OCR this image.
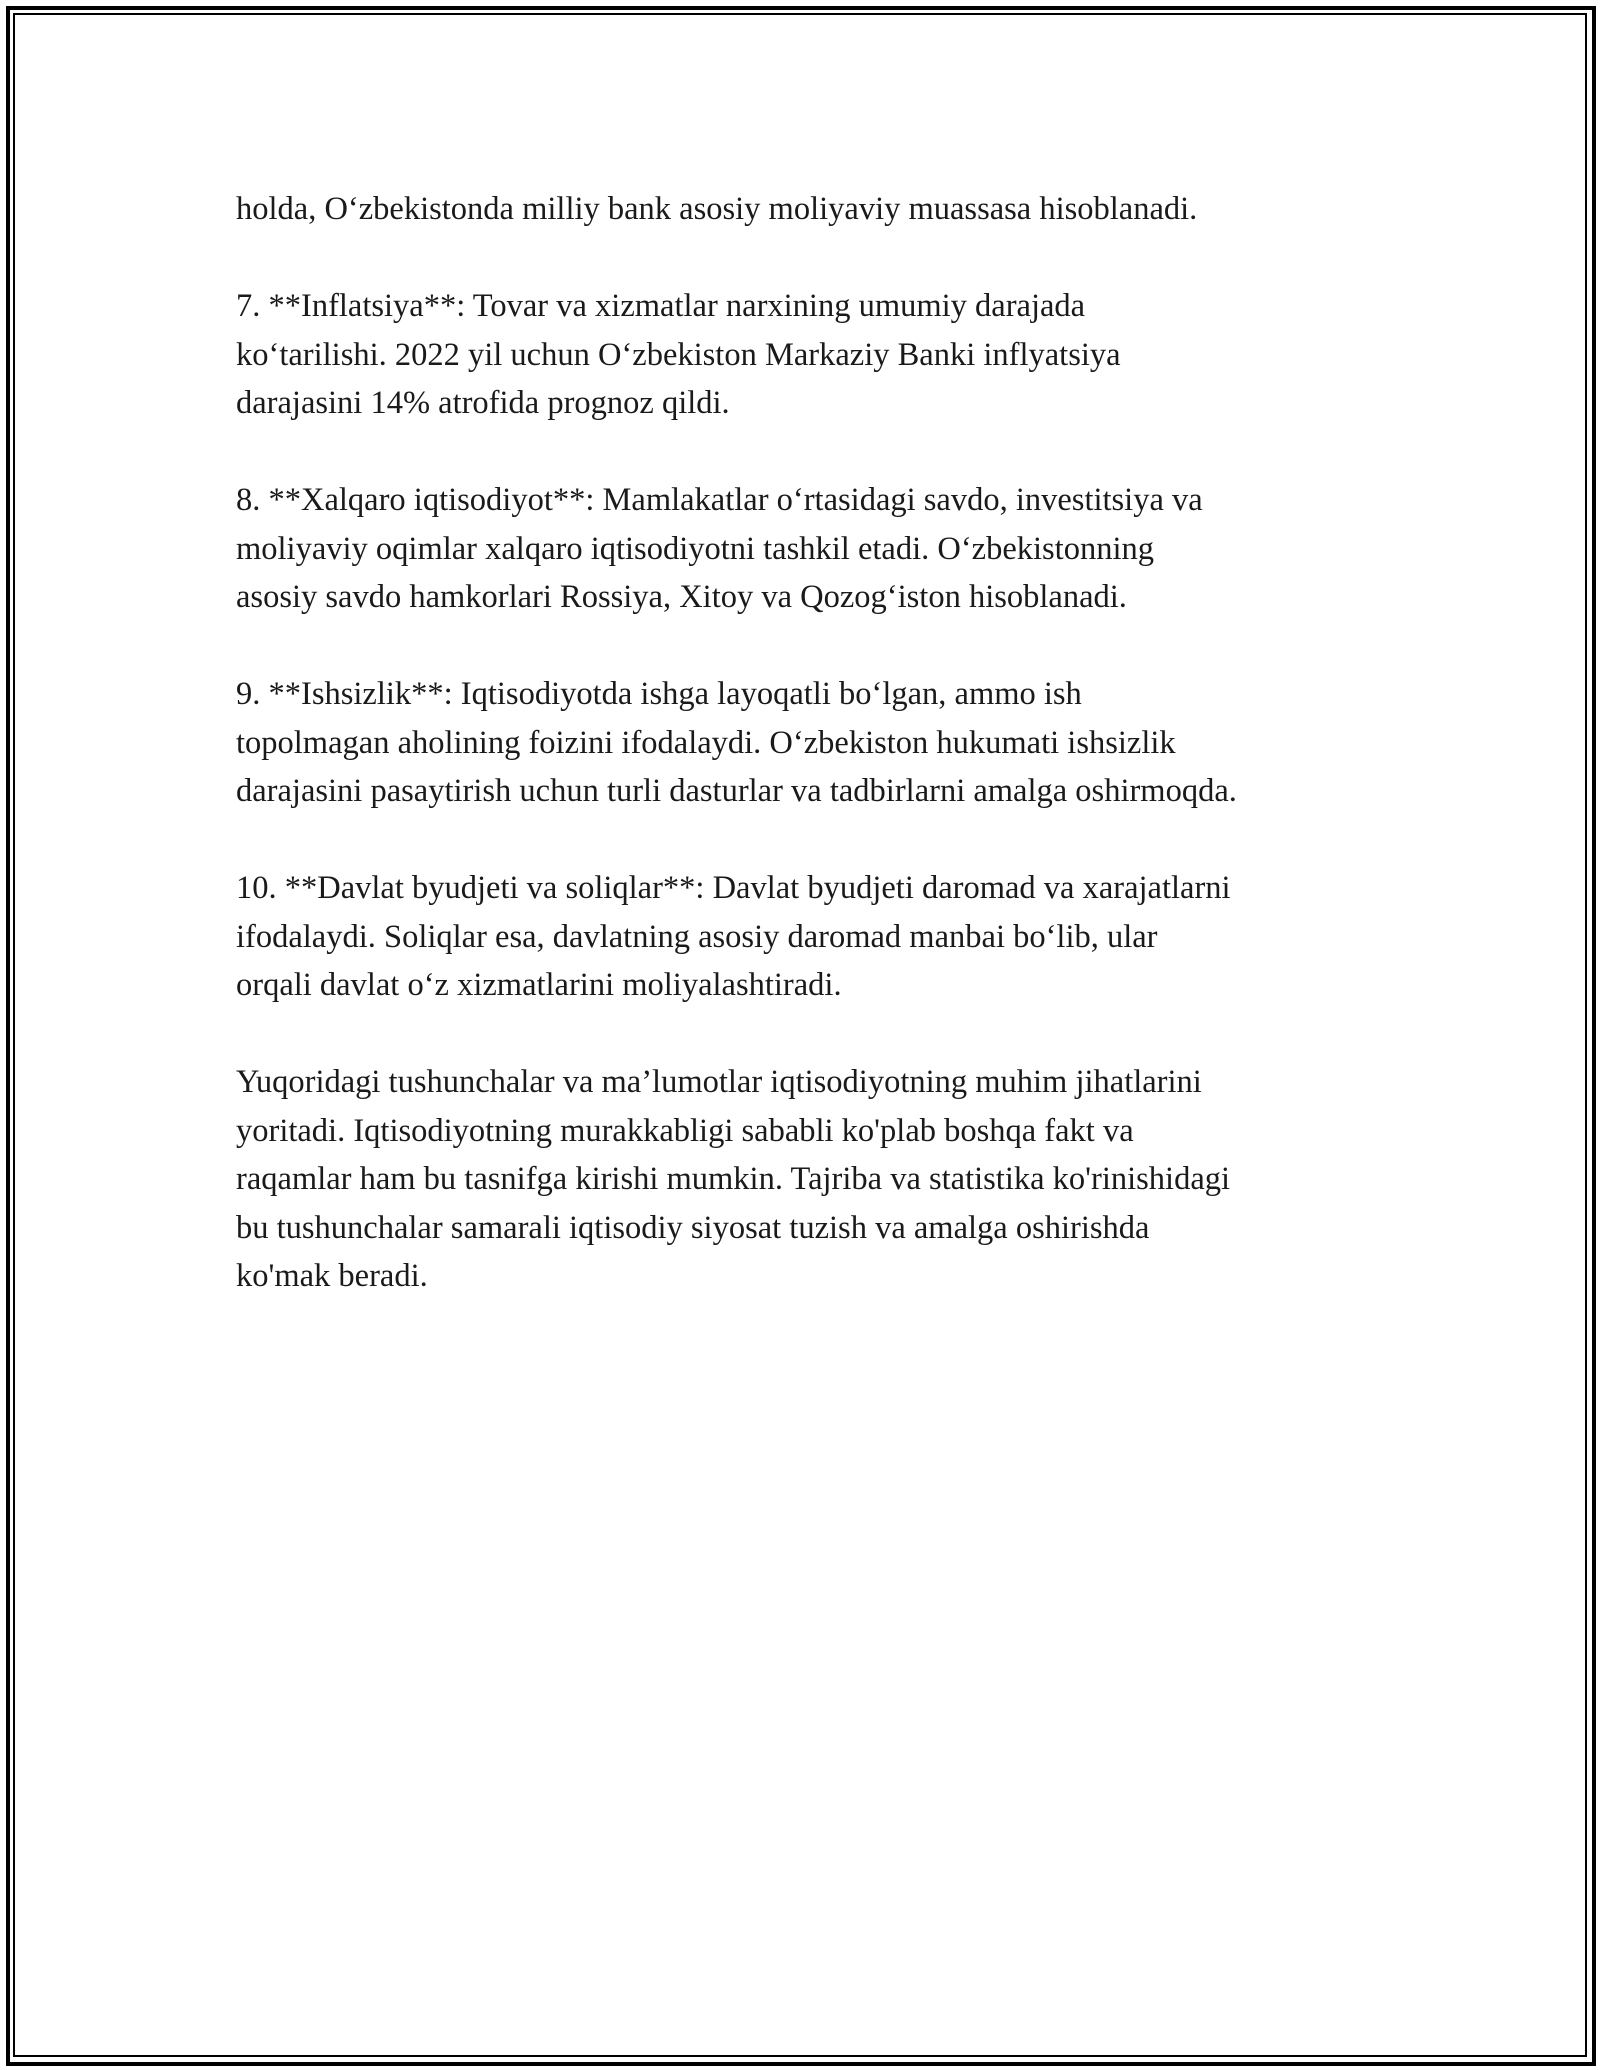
holda, O‘zbekistonda milliy bank asosiy moliyaviy muassasa hisoblanadi.

7. **Inflatsiya**: Tovar va xizmatlar narxining umumiy darajada
ko‘tarilishi. 2022 yil uchun O‘zbekiston Markaziy Banki inflyatsiya
darajasini 14% atrofida prognoz qildi.

8. **Xalqaro iqtisodiyot**: Mamlakatlar o‘rtasidagi savdo, investitsiya va
moliyaviy oqimlar xalqaro iqtisodiyotni tashkil etadi. O‘zbekistonning
asosiy savdo hamkorlari Rossiya, Xitoy va Qozog‘iston hisoblanadi.

9. **Ishsizlik**: Iqtisodiyotda ishga layoqatli bo‘lgan, ammo ish
topolmagan aholining foizini ifodalaydi. O‘zbekiston hukumati ishsizlik
darajasini pasaytirish uchun turli dasturlar va tadbirlarni amalga oshirmoqda.

10. **Davlat byudjeti va soliqlar**: Davlat byudjeti daromad va xarajatlarni
ifodalaydi. Soliqlar esa, davlatning asosiy daromad manbai bo‘lib, ular
orqali davlat o‘z xizmatlarini moliyalashtiradi.

Yuqoridagi tushunchalar va ma’lumotlar iqtisodiyotning muhim jihatlarini
yoritadi. Iqtisodiyotning murakkabligi sababli ko'plab boshqa fakt va
raqamlar ham bu tasnifga kirishi mumkin. Tajriba va statistika ko'rinishidagi
bu tushunchalar samarali iqtisodiy siyosat tuzish va amalga oshirishda
ko'mak beradi.
